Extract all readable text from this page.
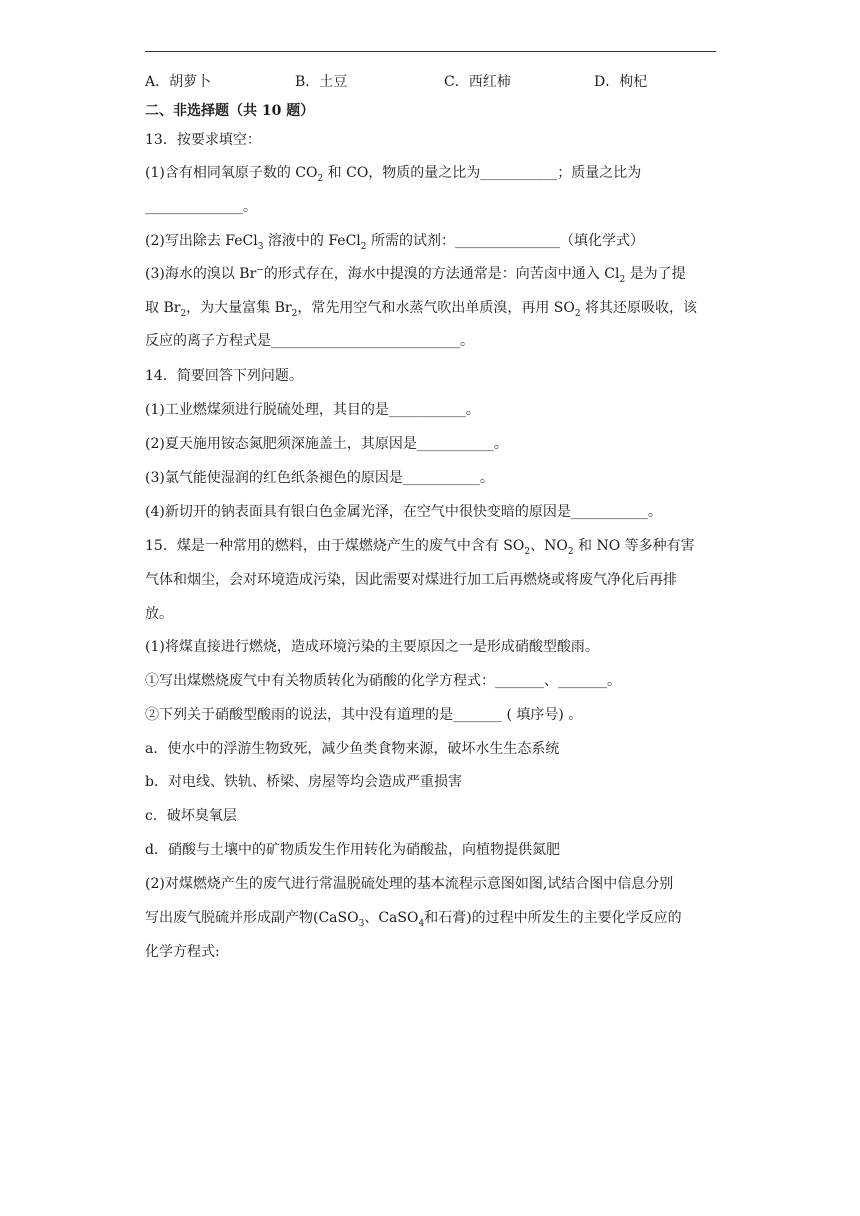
A．胡萝卜	B．土豆	C．西红柿	D．枸杞
二、非选择题（共 10 题）
13．按要求填空：
(1)含有相同氧原子数的 $CO_2$ 和 CO，物质的量之比为___________；质量之比为
______________。
(2)写出除去 FeCl$_3$ 溶液中的 FeCl$_2$ 所需的试剂：_______________（填化学式）
(3)海水的溴以 Br−的形式存在，海水中提溴的方法通常是：向苦卤中通入 $Cl_2$ 是为了提
取 $Br_2$，为大量富集 $Br_2$，常先用空气和水蒸气吹出单质溴，再用 $SO_2$ 将其还原吸收，该
反应的离子方程式是___________________________。
14．简要回答下列问题。
(1)工业燃煤须进行脱硫处理，其目的是___________。
(2)夏天施用铵态氮肥须深施盖土，其原因是___________。
(3)氯气能使湿润的红色纸条褪色的原因是___________。
(4)新切开的钠表面具有银白色金属光泽，在空气中很快变暗的原因是___________。
15．煤是一种常用的燃料，由于煤燃烧产生的废气中含有 $SO_2$、$NO_2$ 和 NO 等多种有害
气体和烟尘，会对环境造成污染，因此需要对煤进行加工后再燃烧或将废气净化后再排
放。
(1)将煤直接进行燃烧，造成环境污染的主要原因之一是形成硝酸型酸雨。
①写出煤燃烧废气中有关物质转化为硝酸的化学方程式：_______、_______。
②下列关于硝酸型酸雨的说法，其中没有道理的是_______ ( 填序号) 。
a．使水中的浮游生物致死，减少鱼类食物来源，破坏水生生态系统
b．对电线、铁轨、桥梁、房屋等均会造成严重损害
c．破坏臭氧层
d．硝酸与土壤中的矿物质发生作用转化为硝酸盐，向植物提供氮肥
(2)对煤燃烧产生的废气进行常温脱硫处理的基本流程示意图如图,试结合图中信息分别
写出废气脱硫并形成副产物(CaSO$_3$、CaSO$_4$和石膏)的过程中所发生的主要化学反应的
化学方程式:
